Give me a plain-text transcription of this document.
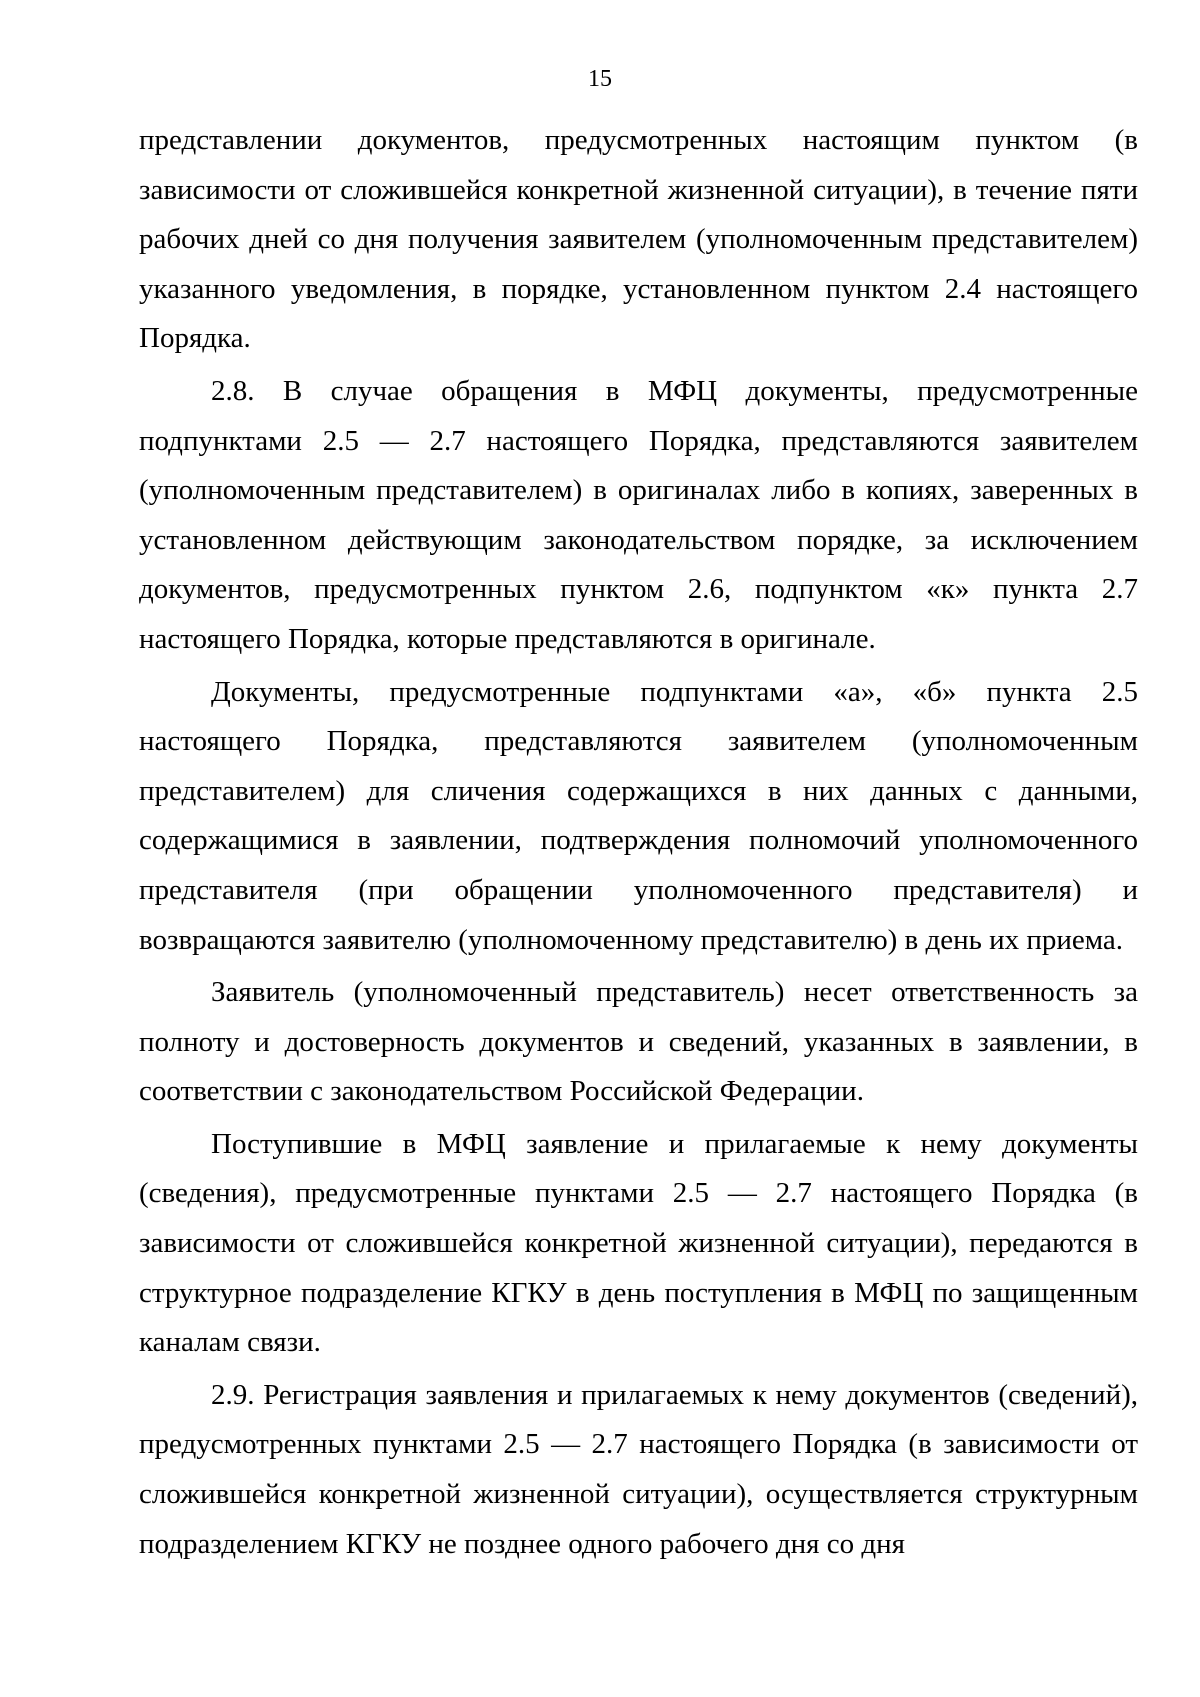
15

представлении документов, предусмотренных настоящим пунктом (в зависимости от сложившейся конкретной жизненной ситуации), в течение пяти рабочих дней со дня получения заявителем (уполномоченным представителем) указанного уведомления, в порядке, установленном пунктом 2.4 настоящего Порядка.

2.8. В случае обращения в МФЦ документы, предусмотренные подпунктами 2.5 — 2.7 настоящего Порядка, представляются заявителем (уполномоченным представителем) в оригиналах либо в копиях, заверенных в установленном действующим законодательством порядке, за исключением документов, предусмотренных пунктом 2.6, подпунктом «к» пункта 2.7 настоящего Порядка, которые представляются в оригинале.

Документы, предусмотренные подпунктами «а», «б» пункта 2.5 настоящего Порядка, представляются заявителем (уполномоченным представителем) для сличения содержащихся в них данных с данными, содержащимися в заявлении, подтверждения полномочий уполномоченного представителя (при обращении уполномоченного представителя) и возвращаются заявителю (уполномоченному представителю) в день их приема.

Заявитель (уполномоченный представитель) несет ответственность за полноту и достоверность документов и сведений, указанных в заявлении, в соответствии с законодательством Российской Федерации.

Поступившие в МФЦ заявление и прилагаемые к нему документы (сведения), предусмотренные пунктами 2.5 — 2.7 настоящего Порядка (в зависимости от сложившейся конкретной жизненной ситуации), передаются в структурное подразделение КГКУ в день поступления в МФЦ по защищенным каналам связи.

2.9. Регистрация заявления и прилагаемых к нему документов (сведений), предусмотренных пунктами 2.5 — 2.7 настоящего Порядка (в зависимости от сложившейся конкретной жизненной ситуации), осуществляется структурным подразделением КГКУ не позднее одного рабочего дня со дня
